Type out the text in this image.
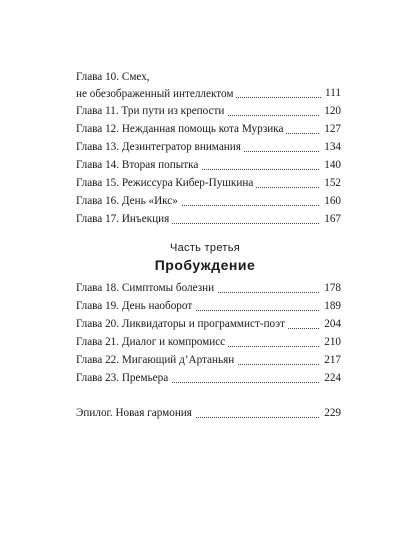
Глава 10. Смех,
не обезображенный интеллектом	111
Глава 11. Три пути из крепости	120
Глава 12. Нежданная помощь кота Мурзика	127
Глава 13. Дезинтегратор внимания	134
Глава 14. Вторая попытка	140
Глава 15. Режиссура Кибер-Пушкина	152
Глава 16. День «Икс»	160
Глава 17. Инъекция	167
Часть третья
Пробуждение
Глава 18. Симптомы болезни	178
Глава 19. День наоборот	189
Глава 20. Ликвидаторы и программист-поэт	204
Глава 21. Диалог и компромисс	210
Глава 22. Мигающий д’Артаньян	217
Глава 23. Премьера	224
Эпилог. Новая гармония	229
